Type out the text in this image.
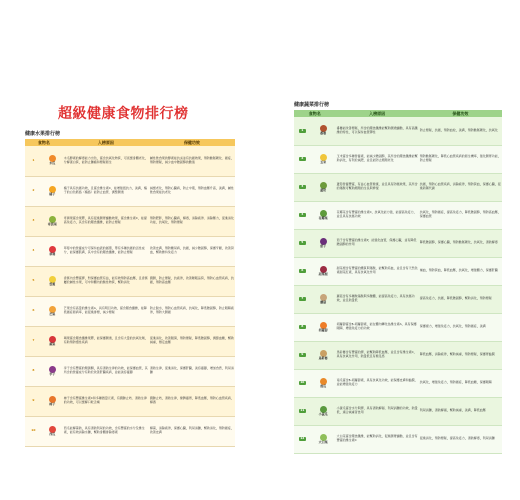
超級健康食物排行榜
健康水果排行榜
食物名		入榜原因	保健功效
1	木瓜	木瓜酵素的解毒能力出色，富含抗氧化物質，可延緩身體老化，分解蛋白質，能防止腫瘤和便秘發生	鹹性飲食果的酵素能抗炎並有抗癌效果，預防動脈硬化、癌症，預防便秘，減少血中膽固醇的數值
2	橘子	橘子具有抗癌功效，且富含維生素C，能增強抵抗力，美膚，橘子的白色筋絡（橘絡）能防止血管、調整腸道	減緩老化，預防心臟病，防止中風，預防血壓升高，美膚，鹹性飲食果能抗老化
3	奇異果	奇異果富含果膠，具有促進腸胃蠕動效果，富含維生素C，能提高免疫力，其含有的膳食纖維，能防止便秘	預防肥胖，預防心臟病，解毒，消除疲勞、消除壓力，促進消化功能，抗氧化，預防便秘
4	草莓	草莓中的營養成分可保持血液的循環，帶有多種抗癌的活性成分，能保護肌膚，其中含有的膳食纖維，能防止便秘	改善皮膚，預防糖尿病，抗癌，減少膽固醇，保護牙齦，改善貧血，幫助維持免疫力
5	香蕉	香蕉內含豐富鉀，對保護血管有益，能有效預防高血壓，且香蕉屬於鹹性水果，可中和體內的酸性物質，幫助消化	潤腸，防止便秘，抗疲勞，改善睡眠品質，預防心血管疾病，抗癌，預防高血壓
6	芒果	芒果含有高量的維生素A，具有明目功效，富含膳食纖維，能降低癌症發病率，能促進排便，減少便秘	防止脫水，預防心血管疾病，抗氧化，降低膽固醇，防止眼睛疲勞，預防大腸癌
7	蘋果	蘋果富含膳食纖維果膠，能保護腸道，且含有大量的抗氧化劑，有助預防慢性疾病	促進消化，改善腹瀉，預防便秘，降低膽固醇，調節血糖，幫助減重，穩定血壓
8	李子	李子含有豐富的類黃酮，具有清熱生津的功效，能保護血管，其所含的營養成分有助於改善肝臟疾病，並能美容養顏	清熱生津，促進消化，保護肝臟，美容養顏，增加食慾，利尿消腫
9	柿子	柿子含有豐富維生素C和多種微量元素，有潤肺止咳、清熱生津的功效，可以緩解口乾舌燥	潤肺止咳，清熱生津，健脾養胃，降低血壓，預防心血管疾病，解酒
10	西瓜	西瓜能解暑熱，具有清熱利尿的功效，含有豐富的水分及維生素，能有效消除水腫，幫助身體排除毒素	解暑，消除疲勞，保護心臟，利尿消腫，幫助消化，預防癌症，改善皮膚
健康蔬菜排行榜
食物名		入榜原因	保健功效
1	番薯	番薯能改善便秘，所含的膳食纖維能幫助腸道蠕動，具有高纖維的特性，可以保持血管彈性	防止便秘，抗癌，預防血栓，美膚，預防動脈硬化，抗氧化
2	玉米	玉米富含多種營養素，能減少膽固醇，其所含的膳食纖維能幫助消化，有利於減肥，並且能防止細胞老化	預防動脈硬化，降低心血管疾病的發生機率，強化腸胃功能，防止便秘
3	蘆筍	蘆筍營養豐富，有益心血管健康，並且具有防癌效果，其所含的葉酸可幫助細胞的生長與修復	抗癌，預防心血管疾病，消除疲勞，預防貧血，保護心臟，促進新陳代謝
4	花椰菜	花椰菜含有豐富的維生素C，抗氧化能力強，能提高免疫力，並且具有抗癌功效	抗氧化，預防癌症，提高免疫力，降低膽固醇，預防高血壓，保護血管
5	茄子	茄子含有豐富的維生素P，能強化血管，保護心臟，並有降低膽固醇的作用	降低膽固醇，保護心臟，預防動脈硬化，抗氧化，清熱解毒
6	甜菜根	甜菜根含有豐富的鐵質與葉酸，能幫助造血，並且含有天然色素甜菜紅素，具有抗氧化作用	補血，預防貧血，降低血壓，抗氧化，增強體力，保護肝臟
7	蘑菇	蘑菇含有多種胺基酸與多醣體，能提高免疫力，具有抗癌功效，並且熱量低	提高免疫力，抗癌，降低膽固醇，幫助消化，預防便秘
8	胡蘿蔔	胡蘿蔔富含β-胡蘿蔔素，能在體內轉化為維生素A，具有保護眼睛、增強免疫力的功效	保護視力，增強免疫力，抗氧化，預防癌症，美膚
9	馬鈴薯	馬鈴薯含有豐富的鉀，能幫助降低血壓，並且含有維生素C，具有抗氧化作用，熱量低且有飽足感	降低血壓，消除疲勞，幫助減重，預防便秘，保護胃黏膜
10	南瓜	南瓜富含β-胡蘿蔔素，具有抗氧化功效，能保護皮膚和黏膜，並能增強免疫力	抗氧化，增強免疫力，預防癌症，降低血糖，保護眼睛
11	小黃瓜	小黃瓜富含水分與鉀，具有清熱解渴、利尿消腫的功效，熱量低，適合減重者食用	利尿消腫，清熱解渴，幫助減重，美膚，降低血壓
12	大白菜	大白菜富含膳食纖維，能幫助消化，促進腸胃蠕動，並且含有豐富的維生素C	促進消化，預防便秘，提高免疫力，清熱解毒，利尿消腫
